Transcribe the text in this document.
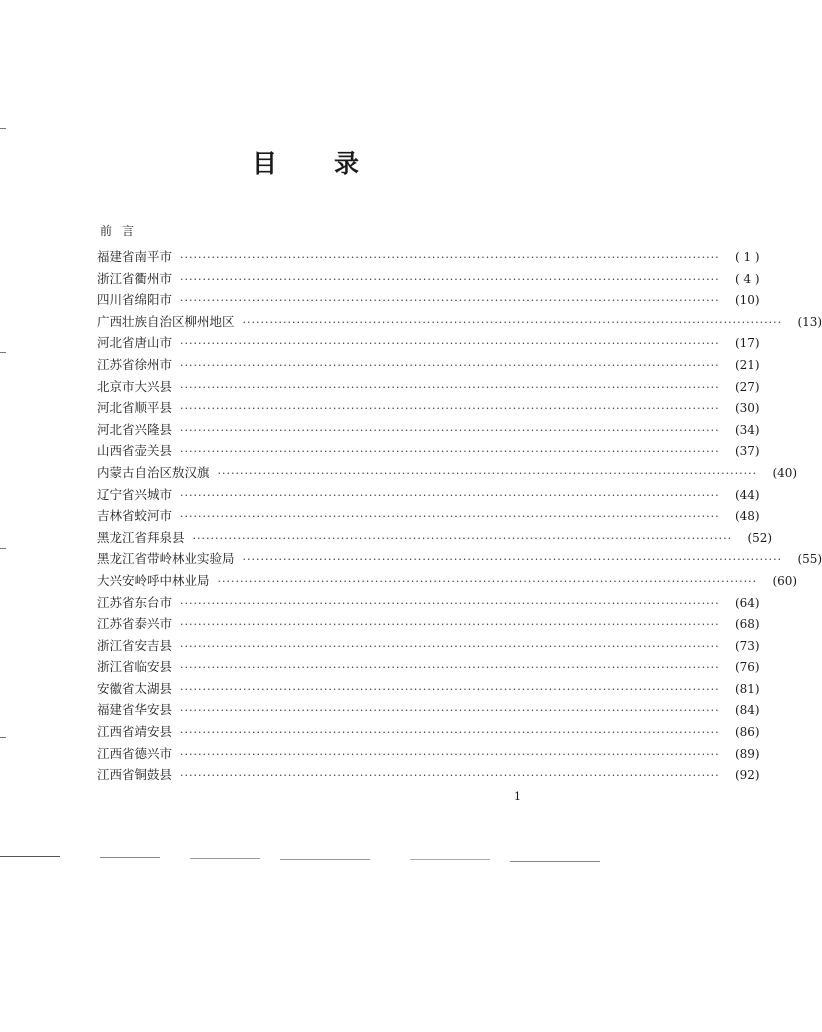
目 录
前言
福建省南平市 ························································································································	( 1 )
浙江省衢州市 ························································································································	( 4 )
四川省绵阳市 ························································································································	(10)
广西壮族自治区柳州地区 ························································································································	(13)
河北省唐山市 ························································································································	(17)
江苏省徐州市 ························································································································	(21)
北京市大兴县 ························································································································	(27)
河北省顺平县 ························································································································	(30)
河北省兴隆县 ························································································································	(34)
山西省壶关县 ························································································································	(37)
内蒙古自治区敖汉旗 ························································································································	(40)
辽宁省兴城市 ························································································································	(44)
吉林省蛟河市 ························································································································	(48)
黑龙江省拜泉县 ························································································································	(52)
黑龙江省带岭林业实验局 ························································································································	(55)
大兴安岭呼中林业局 ························································································································	(60)
江苏省东台市 ························································································································	(64)
江苏省泰兴市 ························································································································	(68)
浙江省安吉县 ························································································································	(73)
浙江省临安县 ························································································································	(76)
安徽省太湖县 ························································································································	(81)
福建省华安县 ························································································································	(84)
江西省靖安县 ························································································································	(86)
江西省德兴市 ························································································································	(89)
江西省铜鼓县 ························································································································	(92)
1
